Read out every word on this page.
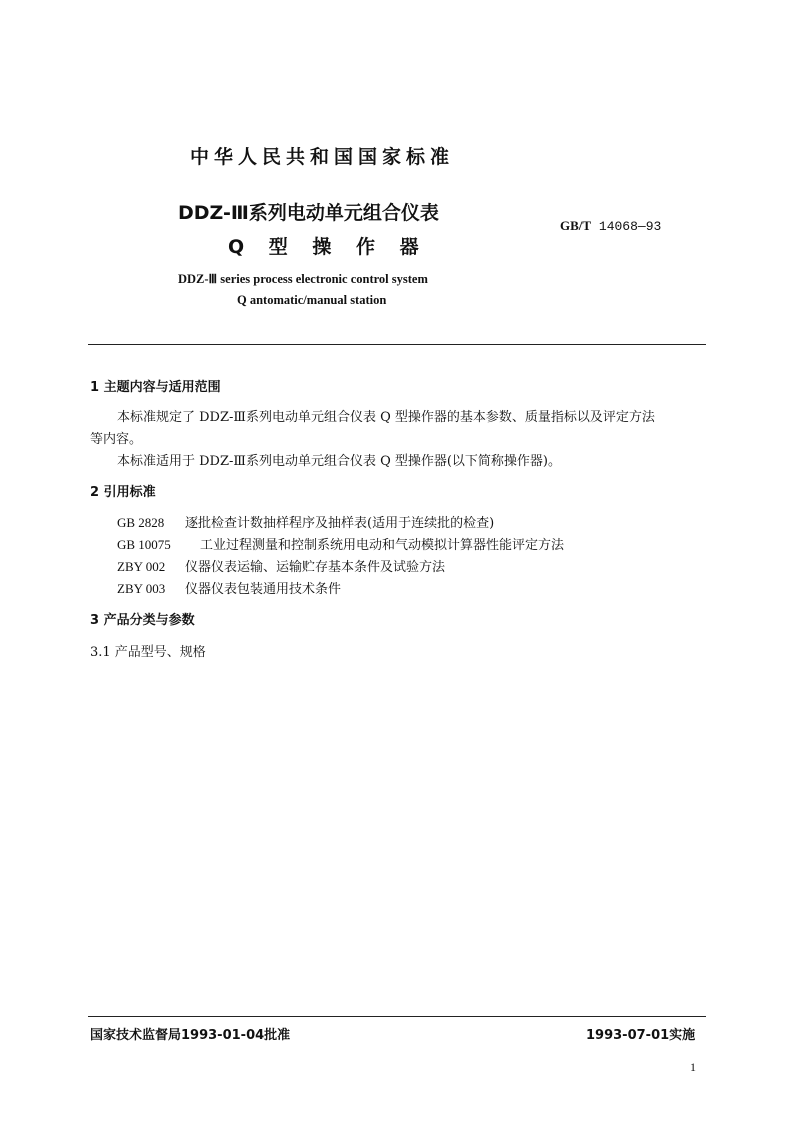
中华人民共和国国家标准
DDZ-Ⅲ系列电动单元组合仪表
Q 型 操 作 器
GB/T 14068—93
DDZ-Ⅲ series process electronic control system
Q antomatic/manual station
1 主题内容与适用范围
本标准规定了 DDZ-Ⅲ系列电动单元组合仪表 Q 型操作器的基本参数、质量指标以及评定方法
等内容。
本标准适用于 DDZ-Ⅲ系列电动单元组合仪表 Q 型操作器(以下简称操作器)。
2 引用标准
GB 2828 逐批检查计数抽样程序及抽样表(适用于连续批的检查)
GB 10075 工业过程测量和控制系统用电动和气动模拟计算器性能评定方法
ZBY 002 仪器仪表运输、运输贮存基本条件及试验方法
ZBY 003 仪器仪表包装通用技术条件
3 产品分类与参数
3.1 产品型号、规格
国家技术监督局1993-01-04批准	1993-07-01实施
1
